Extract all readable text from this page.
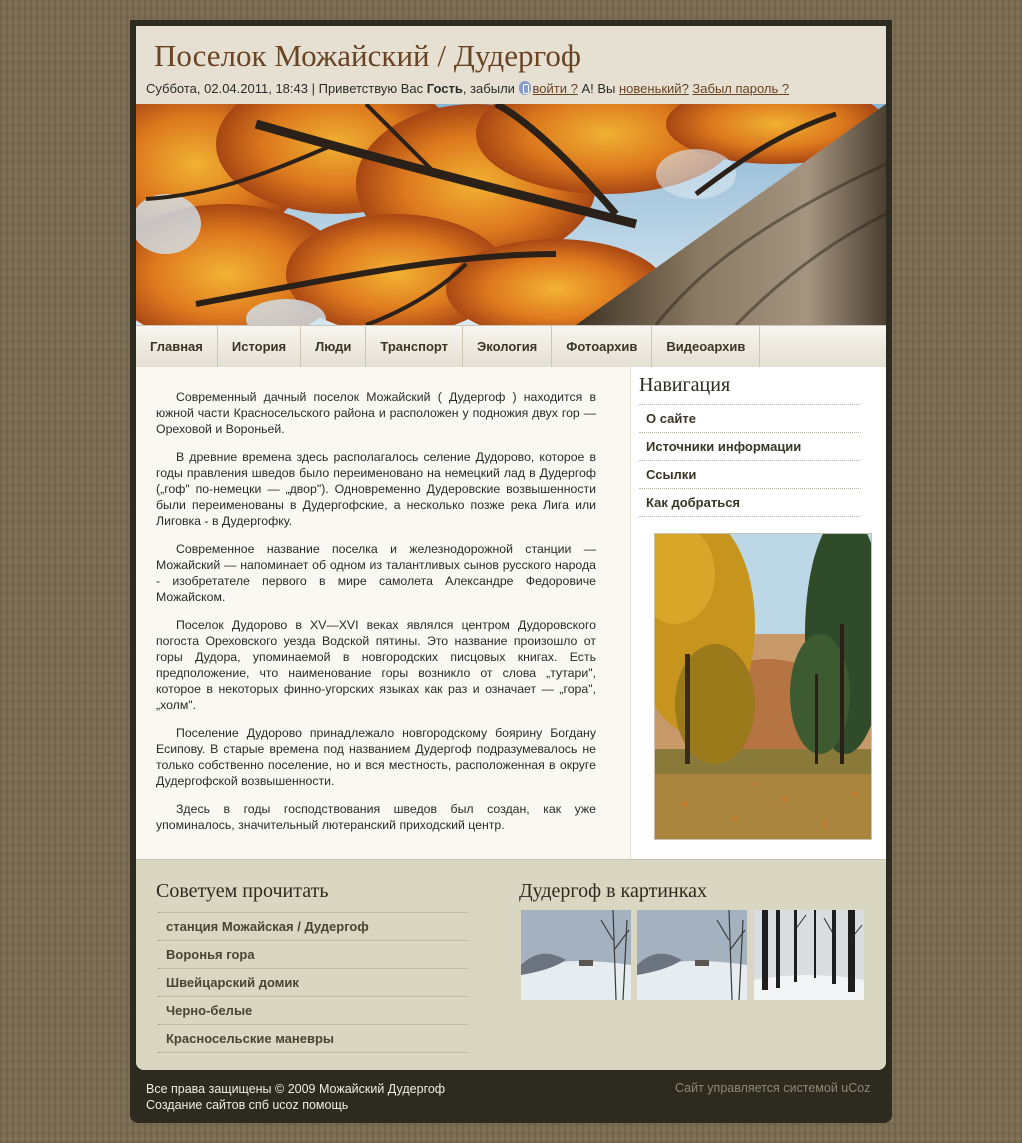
Поселок Можайский / Дудергоф
Суббота, 02.04.2011, 18:43 | Приветствую Вас Гость, забыли войти ? А! Вы новенький? Забыл пароль ?
Главная	История	Люди	Транспорт	Экология	Фотоархив	Видеоархив

Современный дачный поселок Можайский ( Дудергоф ) находится в южной части Красносельского района и расположен у подножия двух гор — Ореховой и Вороньей.

В древние времена здесь располагалось селение Дудорово, которое в годы правления шведов было переименовано на немецкий лад в Дудергоф („гоф" по-немецки — „двор"). Одновременно Дудеровские возвышенности были переименованы в Дудергофские, а несколько позже река Лига или Лиговка - в Дудергофку.

Современное название поселка и железнодорожной станции — Можайский — напоминает об одном из талантливых сынов русского народа - изобретателе первого в мире самолета Александре Федоровиче Можайском.

Поселок Дудорово в XV—XVI веках являлся центром Дудоровского погоста Ореховского уезда Водской пятины. Это название произошло от горы Дудора, упоминаемой в новгородских писцовых книгах. Есть предположение, что наименование горы возникло от слова „тутари", которое в некоторых финно-угорских языках как раз и означает — „гора", „холм".

Поселение Дудорово принадлежало новгородскому боярину Богдану Есипову. В старые времена под названием Дудергоф подразумевалось не только собственно поселение, но и вся местность, расположенная в округе Дудергофской возвышенности.

Здесь в годы господствования шведов был создан, как уже упоминалось, значительный лютеранский приходский центр.

Навигация
О сайте
Источники информации
Ссылки
Как добраться
Советуем прочитать
станция Можайская / Дудергоф
Воронья гора
Швейцарский домик
Черно-белые
Красносельские маневры
Дудергоф в картинках
Все права защищены © 2009 Можайский Дудергоф
Создание сайтов спб ucoz помощь
Сайт управляется системой uCoz
